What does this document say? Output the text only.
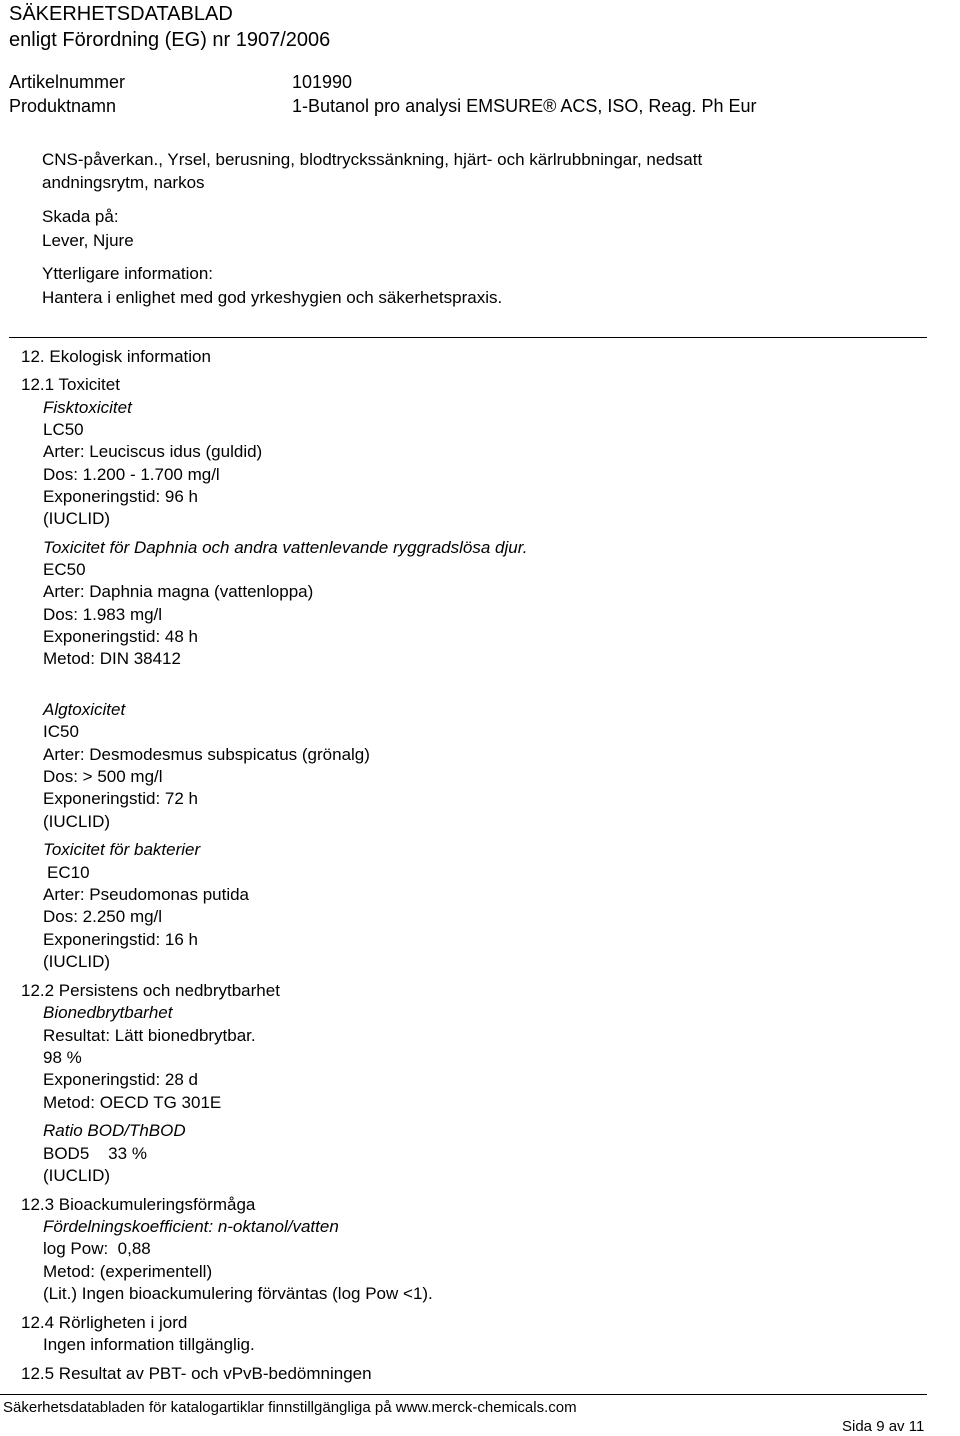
SÄKERHETSDATABLAD
enligt Förordning (EG) nr 1907/2006
Artikelnummer	101990
Produktnamn	1-Butanol pro analysi EMSURE® ACS, ISO, Reag. Ph Eur
CNS-påverkan., Yrsel, berusning, blodtryckssänkning, hjärt- och kärlrubbningar, nedsatt
andningsrytm, narkos
Skada på:
Lever, Njure
Ytterligare information:
Hantera i enlighet med god yrkeshygien och säkerhetspraxis.
12. Ekologisk information
12.1 Toxicitet
Fisktoxicitet
LC50
Arter: Leuciscus idus (guldid)
Dos: 1.200 - 1.700 mg/l
Exponeringstid: 96 h
(IUCLID)
Toxicitet för Daphnia och andra vattenlevande ryggradslösa djur.
EC50
Arter: Daphnia magna (vattenloppa)
Dos: 1.983 mg/l
Exponeringstid: 48 h
Metod: DIN 38412
Algtoxicitet
IC50
Arter: Desmodesmus subspicatus (grönalg)
Dos: > 500 mg/l
Exponeringstid: 72 h
(IUCLID)
Toxicitet för bakterier
EC10
Arter: Pseudomonas putida
Dos: 2.250 mg/l
Exponeringstid: 16 h
(IUCLID)
12.2 Persistens och nedbrytbarhet
Bionedbrytbarhet
Resultat: Lätt bionedbrytbar.
98 %
Exponeringstid: 28 d
Metod: OECD TG 301E
Ratio BOD/ThBOD
BOD5    33 %
(IUCLID)
12.3 Bioackumuleringsförmåga
Fördelningskoefficient: n-oktanol/vatten
log Pow:  0,88
Metod: (experimentell)
(Lit.) Ingen bioackumulering förväntas (log Pow <1).
12.4 Rörligheten i jord
Ingen information tillgänglig.
12.5 Resultat av PBT- och vPvB-bedömningen
Säkerhetsdatabladen för katalogartiklar finnstillgängliga på www.merck-chemicals.com
Sida 9 av 11
